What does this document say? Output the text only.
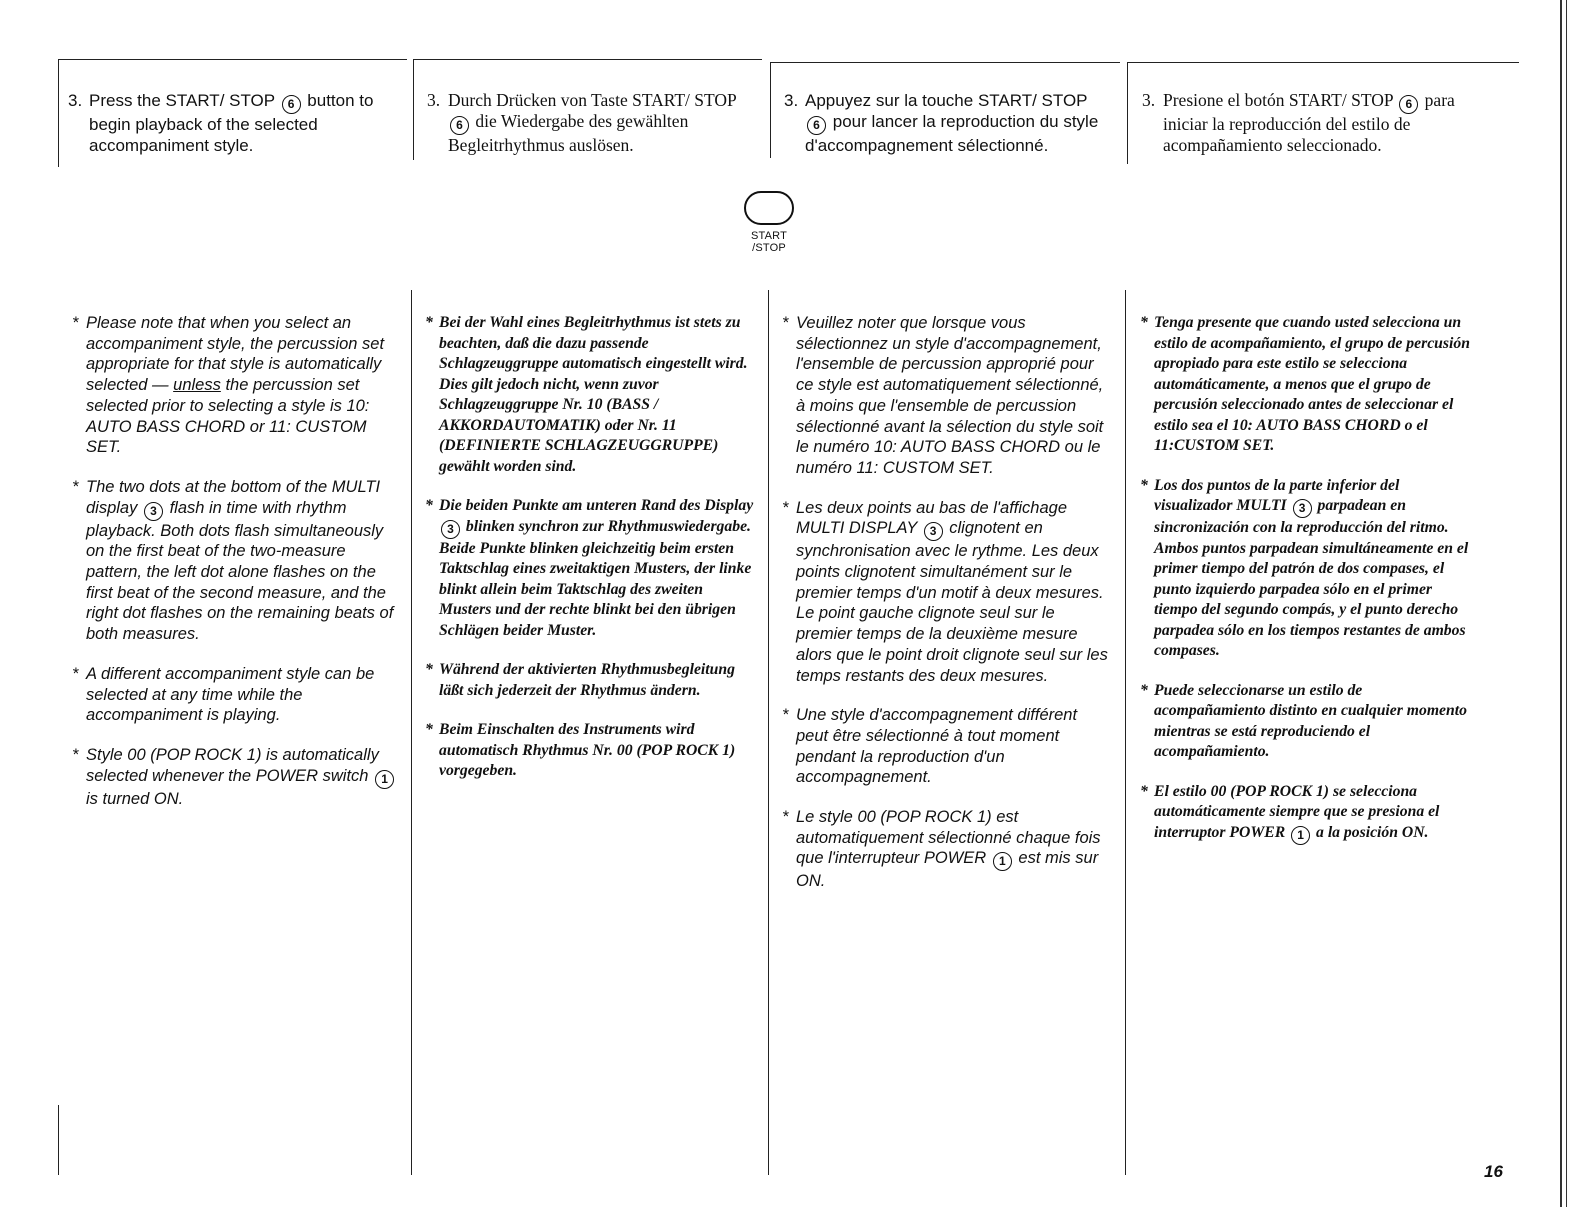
3. Press the START/ STOP 6 button to begin playback of the selected accompaniment style.
* Please note that when you select an accompaniment style, the percussion set appropriate for that style is automatically selected — unless the percussion set selected prior to selecting a style is 10: AUTO BASS CHORD or 11: CUSTOM SET.
* The two dots at the bottom of the MULTI display 3 flash in time with rhythm playback. Both dots flash simultaneously on the first beat of the two-measure pattern, the left dot alone flashes on the first beat of the second measure, and the right dot flashes on the remaining beats of both measures.
* A different accompaniment style can be selected at any time while the accompaniment is playing.
* Style 00 (POP ROCK 1) is automatically selected whenever the POWER switch 1 is turned ON.
3. Durch Drücken von Taste START/ STOP 6 die Wiedergabe des gewählten Begleitrhythmus auslösen.
* Bei der Wahl eines Begleitrhythmus ist stets zu beachten, daß die dazu passende Schlagzeuggruppe automatisch eingestellt wird. Dies gilt jedoch nicht, wenn zuvor Schlagzeuggruppe Nr. 10 (BASS / AKKORDAUTOMATIK) oder Nr. 11 (DEFINIERTE SCHLAGZEUGGRUPPE) gewählt worden sind.
* Die beiden Punkte am unteren Rand des Display 3 blinken synchron zur Rhythmuswiedergabe. Beide Punkte blinken gleichzeitig beim ersten Taktschlag eines zweitaktigen Musters, der linke blinkt allein beim Taktschlag des zweiten Musters und der rechte blinkt bei den übrigen Schlägen beider Muster.
* Während der aktivierten Rhythmusbegleitung läßt sich jederzeit der Rhythmus ändern.
* Beim Einschalten des Instruments wird automatisch Rhythmus Nr. 00 (POP ROCK 1) vorgegeben.
3. Appuyez sur la touche START/ STOP 6 pour lancer la reproduction du style d'accompagnement sélectionné.
* Veuillez noter que lorsque vous sélectionnez un style d'accompagnement, l'ensemble de percussion approprié pour ce style est automatiquement sélectionné, à moins que l'ensemble de percussion sélectionné avant la sélection du style soit le numéro 10: AUTO BASS CHORD ou le numéro 11: CUSTOM SET.
* Les deux points au bas de l'affichage MULTI DISPLAY 3 clignotent en synchronisation avec le rythme. Les deux points clignotent simultanément sur le premier temps d'un motif à deux mesures. Le point gauche clignote seul sur le premier temps de la deuxième mesure alors que le point droit clignote seul sur les temps restants des deux mesures.
* Une style d'accompagnement différent peut être sélectionné à tout moment pendant la reproduction d'un accompagnement.
* Le style 00 (POP ROCK 1) est automatiquement sélectionné chaque fois que l'interrupteur POWER 1 est mis sur ON.
3. Presione el botón START/ STOP 6 para iniciar la reproducción del estilo de acompañamiento seleccionado.
* Tenga presente que cuando usted selecciona un estilo de acompañamiento, el grupo de percusión apropiado para este estilo se selecciona automáticamente, a menos que el grupo de percusión seleccionado antes de seleccionar el estilo sea el 10: AUTO BASS CHORD o el 11:CUSTOM SET.
* Los dos puntos de la parte inferior del visualizador MULTI 3 parpadean en sincronización con la reproducción del ritmo. Ambos puntos parpadean simultáneamente en el primer tiempo del patrón de dos compases, el punto izquierdo parpadea sólo en el primer tiempo del segundo compás, y el punto derecho parpadea sólo en los tiempos restantes de ambos compases.
* Puede seleccionarse un estilo de acompañamiento distinto en cualquier momento mientras se está reproduciendo el acompañamiento.
* El estilo 00 (POP ROCK 1) se selecciona automáticamente siempre que se presiona el interruptor POWER 1 a la posición ON.
START
/STOP
16
